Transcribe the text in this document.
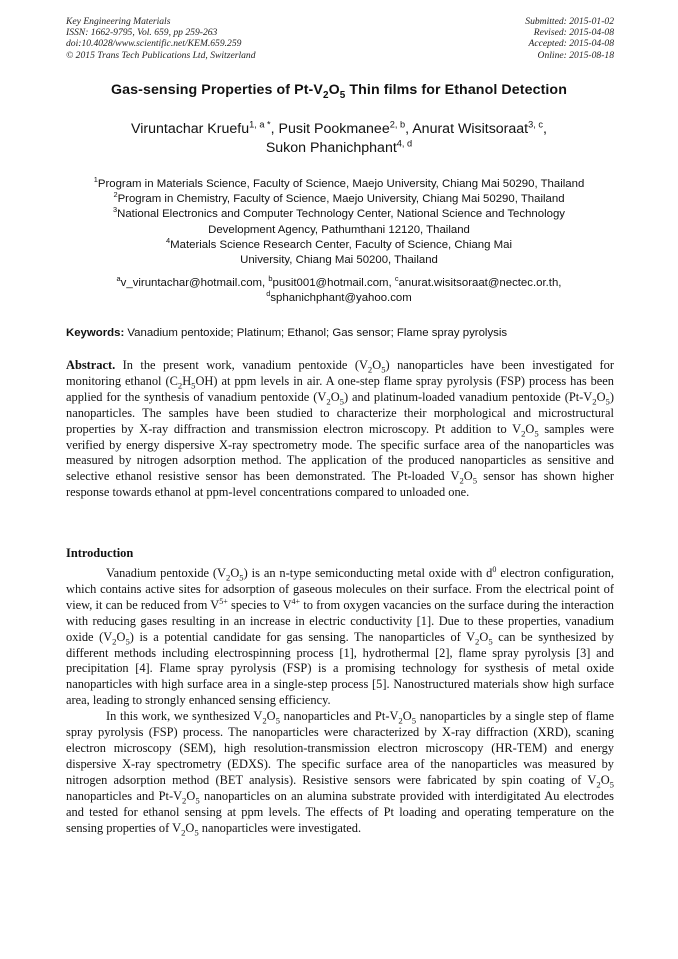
Key Engineering Materials
ISSN: 1662-9795, Vol. 659, pp 259-263
doi:10.4028/www.scientific.net/KEM.659.259
© 2015 Trans Tech Publications Ltd, Switzerland
Submitted: 2015-01-02
Revised: 2015-04-08
Accepted: 2015-04-08
Online: 2015-08-18
Gas-sensing Properties of $Pt-V_2O_5$ Thin films for Ethanol Detection
Viruntachar Kruefu$^{1, a *}$, Pusit Pookmanee$^{2, b}$, Anurat Wisitsoraat$^{3, c}$,
Sukon Phanichphant$^{4, d}$
$^1$Program in Materials Science, Faculty of Science, Maejo University, Chiang Mai 50290, Thailand
$^2$Program in Chemistry, Faculty of Science, Maejo University, Chiang Mai 50290, Thailand
$^3$National Electronics and Computer Technology Center, National Science and Technology Development Agency, Pathumthani 12120, Thailand
$^4$Materials Science Research Center, Faculty of Science, Chiang Mai University, Chiang Mai 50200, Thailand
$^a$v_viruntachar@hotmail.com, $^b$pusit001@hotmail.com, $^c$anurat.wisitsoraat@nectec.or.th,
$^d$sphanichphant@yahoo.com
Keywords: Vanadium pentoxide; Platinum; Ethanol; Gas sensor; Flame spray pyrolysis
Abstract. In the present work, vanadium pentoxide $(V_2O_5)$ nanoparticles have been investigated for monitoring ethanol $(C_2H_5OH)$ at ppm levels in air. A one-step flame spray pyrolysis (FSP) process has been applied for the synthesis of vanadium pentoxide $(V_2O_5)$ and platinum-loaded vanadium pentoxide $(Pt-V_2O_5)$ nanoparticles. The samples have been studied to characterize their morphological and microstructural properties by X-ray diffraction and transmission electron microscopy. Pt addition to $V_2O_5$ samples were verified by energy dispersive X-ray spectrometry mode. The specific surface area of the nanoparticles was measured by nitrogen adsorption method. The application of the produced nanoparticles as sensitive and selective ethanol resistive sensor has been demonstrated. The Pt-loaded $V_2O_5$ sensor has shown higher response towards ethanol at ppm-level concentrations compared to unloaded one.
Introduction

Vanadium pentoxide $(V_2O_5)$ is an n-type semiconducting metal oxide with $d^0$ electron configuration, which contains active sites for adsorption of gaseous molecules on their surface. From the electrical point of view, it can be reduced from $V^{5+}$ species to $V^{4+}$ to from oxygen vacancies on the surface during the interaction with reducing gases resulting in an increase in electric conductivity [1]. Due to these properties, vanadium oxide $(V_2O_5)$ is a potential candidate for gas sensing. The nanoparticles of $V_2O_5$ can be synthesized by different methods including electrospinning process [1], hydrothermal [2], flame spray pyrolysis [3] and precipitation [4]. Flame spray pyrolysis (FSP) is a promising technology for systhesis of metal oxide nanoparticles with high surface area in a single-step process [5]. Nanostructured materials show high surface area, leading to strongly enhanced sensing efficiency.

In this work, we synthesized $V_2O_5$ nanoparticles and $Pt-V_2O_5$ nanoparticles by a single step of flame spray pyrolysis (FSP) process. The nanoparticles were characterized by X-ray diffraction (XRD), scaning electron microscopy (SEM), high resolution-transmission electron microscopy (HR-TEM) and energy dispersive X-ray spectrometry (EDXS). The specific surface area of the nanoparticles was measured by nitrogen adsorption method (BET analysis). Resistive sensors were fabricated by spin coating of $V_2O_5$ nanoparticles and $Pt-V_2O_5$ nanoparticles on an alumina substrate provided with interdigitated Au electrodes and tested for ethanol sensing at ppm levels. The effects of Pt loading and operating temperature on the sensing properties of $V_2O_5$ nanoparticles were investigated.
